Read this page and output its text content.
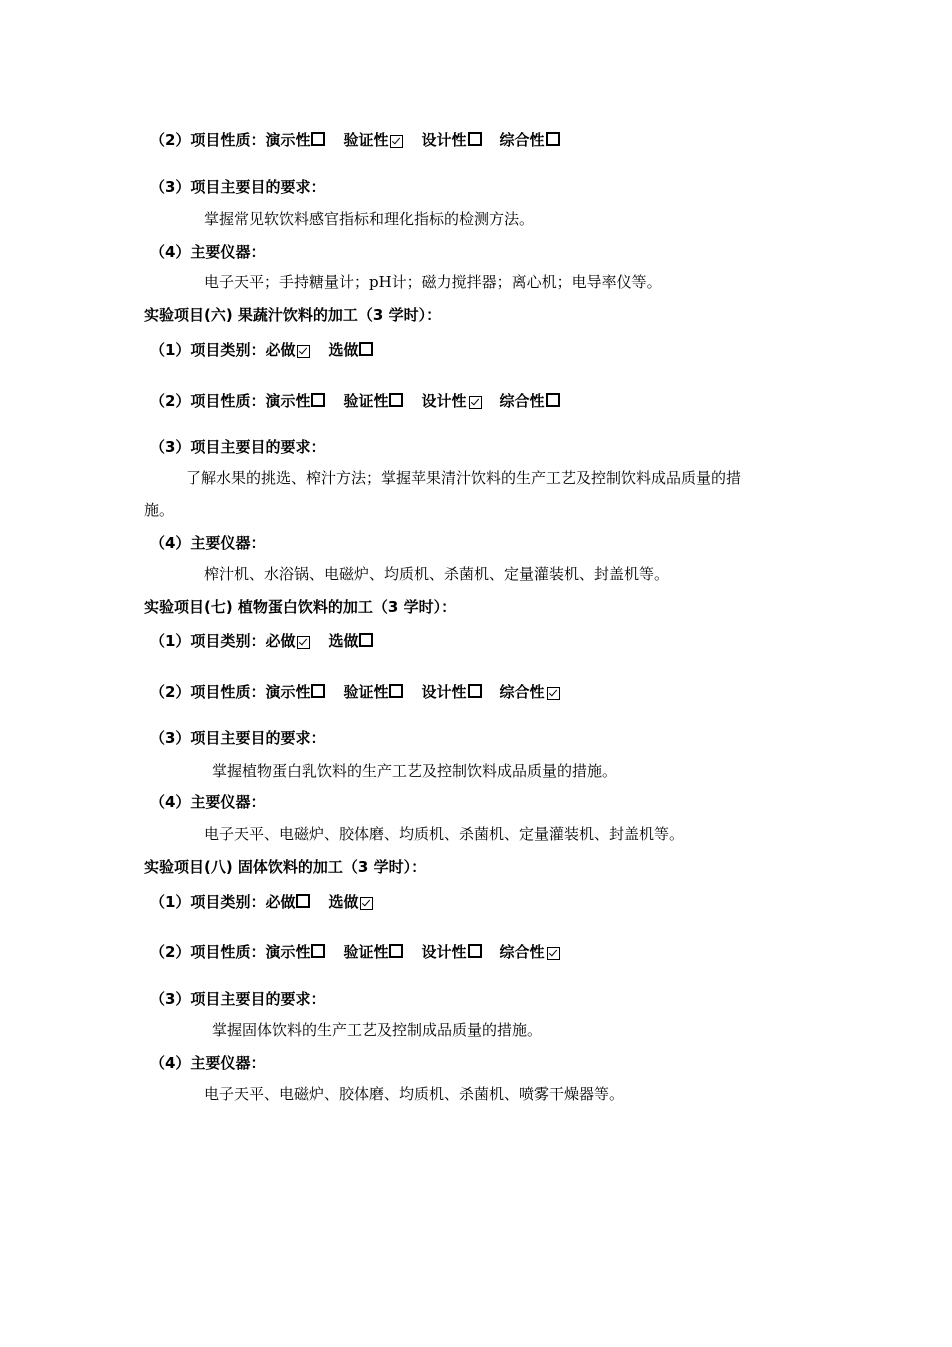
（2）项目性质：演示性 验证性 设计性 综合性
（3）项目主要目的要求：
掌握常见软饮料感官指标和理化指标的检测方法。
（4）主要仪器：
电子天平；手持糖量计；pH计；磁力搅拌器；离心机；电导率仪等。
实验项目(六) 果蔬汁饮料的加工（3 学时）：
（1）项目类别：必做 选做
（2）项目性质：演示性 验证性 设计性 综合性
（3）项目主要目的要求：
了解水果的挑选、榨汁方法；掌握苹果清汁饮料的生产工艺及控制饮料成品质量的措
施。
（4）主要仪器：
榨汁机、水浴锅、电磁炉、均质机、杀菌机、定量灌装机、封盖机等。
实验项目(七) 植物蛋白饮料的加工（3 学时）：
（1）项目类别：必做 选做
（2）项目性质：演示性 验证性 设计性 综合性
（3）项目主要目的要求：
掌握植物蛋白乳饮料的生产工艺及控制饮料成品质量的措施。
（4）主要仪器：
电子天平、电磁炉、胶体磨、均质机、杀菌机、定量灌装机、封盖机等。
实验项目(八) 固体饮料的加工（3 学时）：
（1）项目类别：必做 选做
（2）项目性质：演示性 验证性 设计性 综合性
（3）项目主要目的要求：
掌握固体饮料的生产工艺及控制成品质量的措施。
（4）主要仪器：
电子天平、电磁炉、胶体磨、均质机、杀菌机、喷雾干燥器等。
